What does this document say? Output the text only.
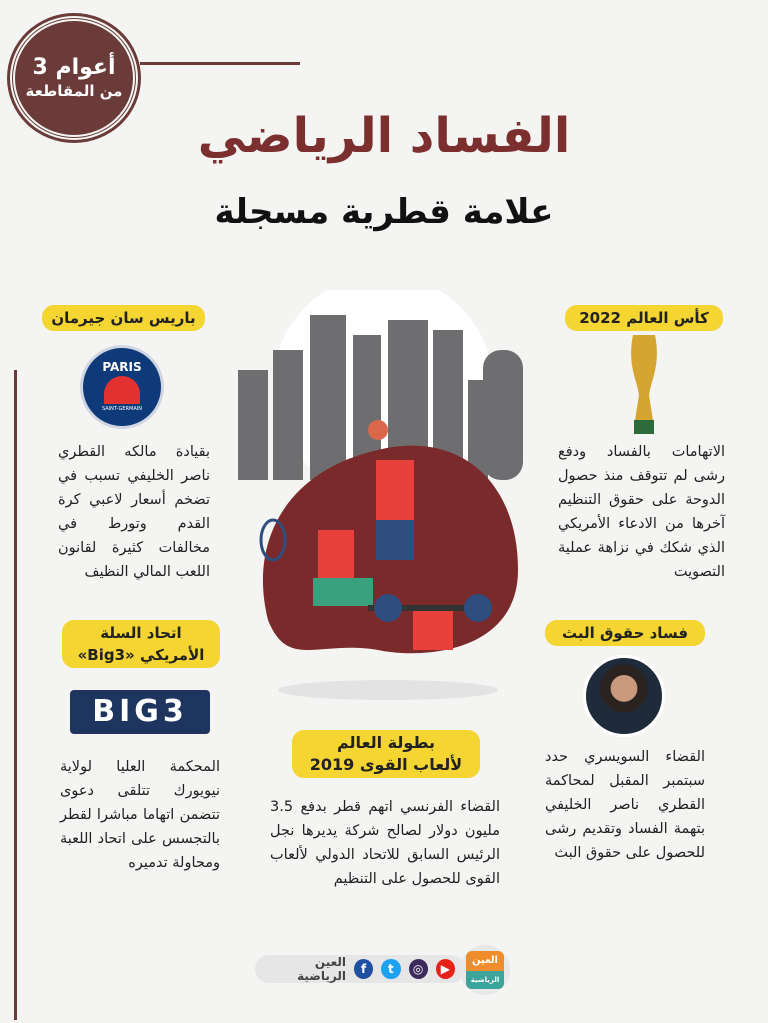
3 أعوام
من المقاطعة
الفساد الرياضي
علامة قطرية مسجلة
باريس سان جيرمان
PARIS
SAINT-GERMAIN
بقيادة مالكه القطري ناصر الخليفي تسبب في تضخم أسعار لاعبي كرة القدم وتورط في مخالفات كثيرة لقانون اللعب المالي النظيف
كأس العالم 2022
الاتهامات بالفساد ودفع رشى لم تتوقف منذ حصول الدوحة على حقوق التنظيم آخرها من الادعاء الأمريكي الذي شكك في نزاهة عملية التصويت
اتحاد السلة
الأمريكي «Big3»
BIG3
المحكمة العليا لولاية نيويورك تتلقى دعوى تتضمن اتهاما مباشرا لقطر بالتجسس على اتحاد اللعبة ومحاولة تدميره
فساد حقوق البث
القضاء السويسري حدد سبتمبر المقبل لمحاكمة القطري ناصر الخليفي بتهمة الفساد وتقديم رشى للحصول على حقوق البث
بطولة العالم
لألعاب القوى 2019
القضاء الفرنسي اتهم قطر بدفع 3.5 مليون دولار لصالح شركة يديرها نجل الرئيس السابق للاتحاد الدولي لألعاب القوى للحصول على التنظيم
▶
◎
t
f
العين الرياضية
العين
الرياضية
